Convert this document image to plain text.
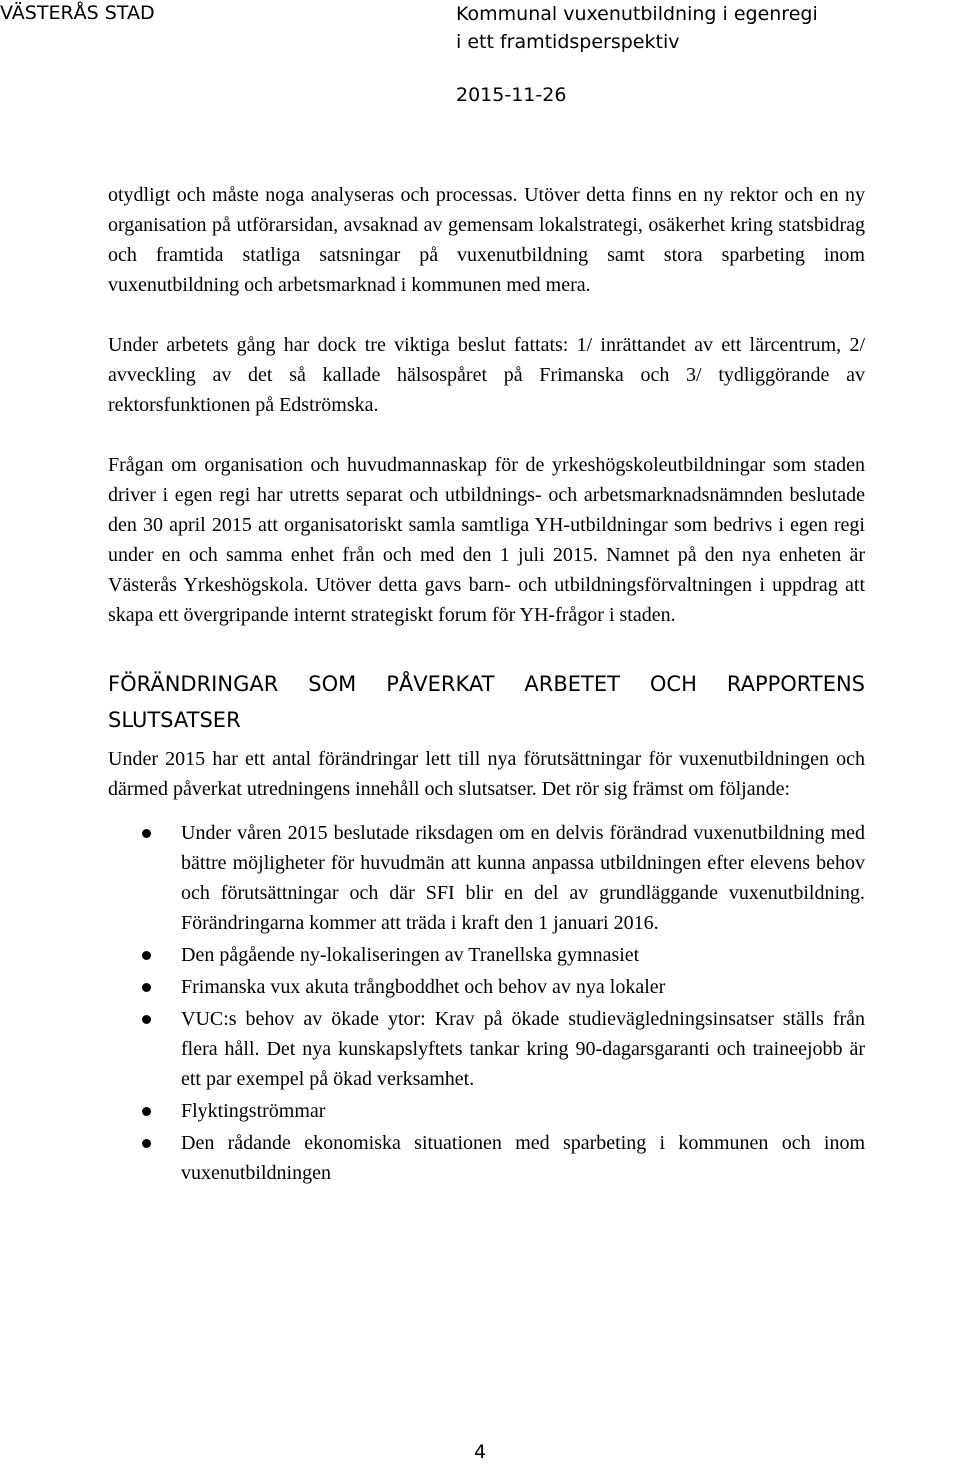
VÄSTERÅS STAD	Kommunal vuxenutbildning i egenregi
i ett framtidsperspektiv
2015-11-26

otydligt och måste noga analyseras och processas. Utöver detta finns en ny rektor och en ny organisation på utförarsidan, avsaknad av gemensam lokalstrategi, osäkerhet kring statsbidrag och framtida statliga satsningar på vuxenutbildning samt stora sparbeting inom vuxenutbildning och arbetsmarknad i kommunen med mera.

Under arbetets gång har dock tre viktiga beslut fattats: 1/ inrättandet av ett lärcentrum, 2/ avveckling av det så kallade hälsospåret på Frimanska och 3/ tydliggörande av rektorsfunktionen på Edströmska.

Frågan om organisation och huvudmannaskap för de yrkeshögskoleutbildningar som staden driver i egen regi har utretts separat och utbildnings- och arbetsmarknadsnämnden beslutade den 30 april 2015 att organisatoriskt samla samtliga YH-utbildningar som bedrivs i egen regi under en och samma enhet från och med den 1 juli 2015. Namnet på den nya enheten är Västerås Yrkeshögskola. Utöver detta gavs barn- och utbildningsförvaltningen i uppdrag att skapa ett övergripande internt strategiskt forum för YH-frågor i staden.

FÖRÄNDRINGAR SOM PÅVERKAT ARBETET OCH RAPPORTENS SLUTSATSER

Under 2015 har ett antal förändringar lett till nya förutsättningar för vuxenutbildningen och därmed påverkat utredningens innehåll och slutsatser. Det rör sig främst om följande:

Under våren 2015 beslutade riksdagen om en delvis förändrad vuxenutbildning med bättre möjligheter för huvudmän att kunna anpassa utbildningen efter elevens behov och förutsättningar och där SFI blir en del av grundläggande vuxenutbildning. Förändringarna kommer att träda i kraft den 1 januari 2016.
Den pågående ny-lokaliseringen av Tranellska gymnasiet
Frimanska vux akuta trångboddhet och behov av nya lokaler
VUC:s behov av ökade ytor: Krav på ökade studievägledningsinsatser ställs från flera håll. Det nya kunskapslyftets tankar kring 90-dagarsgaranti och traineejobb är ett par exempel på ökad verksamhet.
Flyktingströmmar
Den rådande ekonomiska situationen med sparbeting i kommunen och inom vuxenutbildningen
4
